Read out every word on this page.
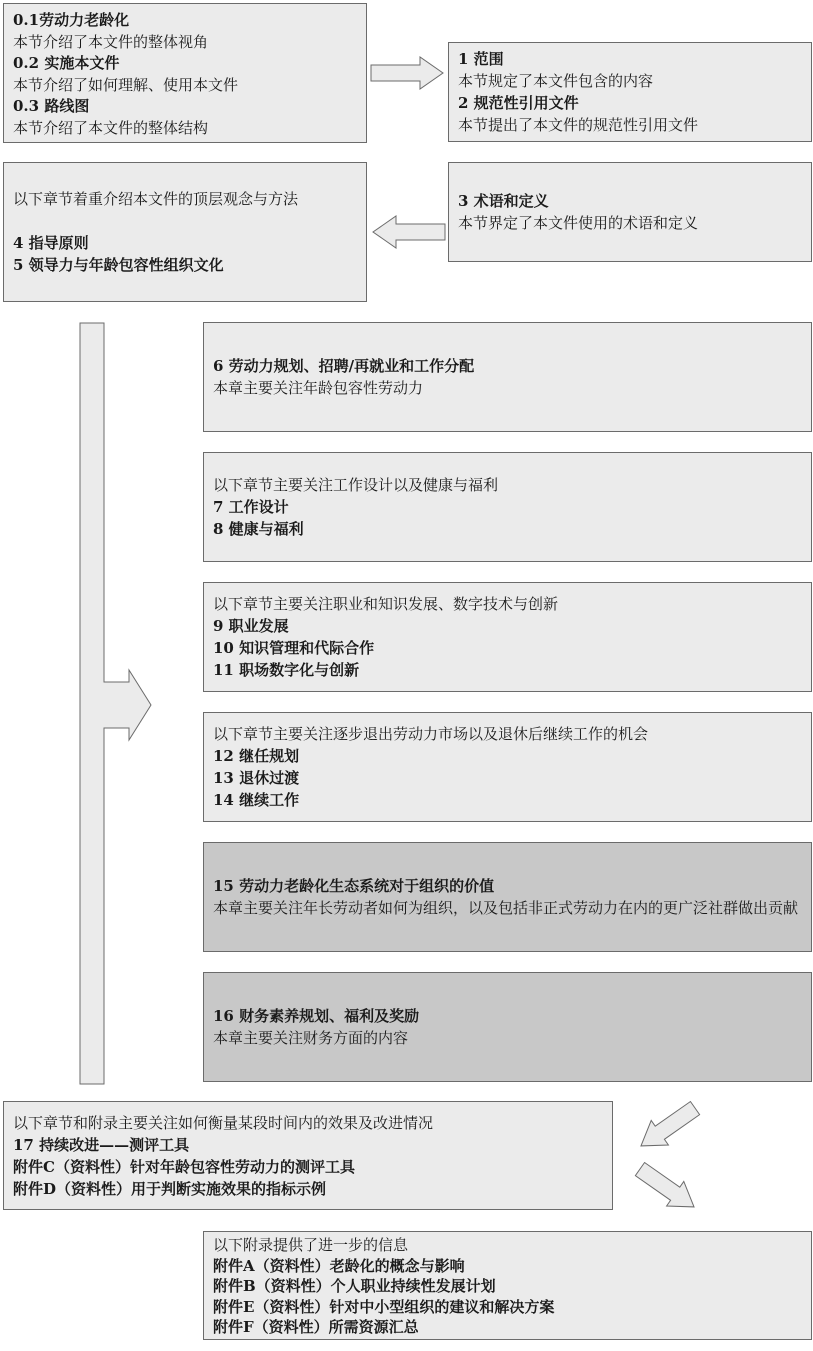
0.1劳动力老龄化
本节介绍了本文件的整体视角
0.2 实施本文件
本节介绍了如何理解、使用本文件
0.3 路线图
本节介绍了本文件的整体结构
1 范围
本节规定了本文件包含的内容
2 规范性引用文件
本节提出了本文件的规范性引用文件
以下章节着重介绍本文件的顶层观念与方法
4 指导原则
5 领导力与年龄包容性组织文化
3 术语和定义
本节界定了本文件使用的术语和定义
6 劳动力规划、招聘/再就业和工作分配
本章主要关注年龄包容性劳动力
以下章节主要关注工作设计以及健康与福利
7 工作设计
8 健康与福利
以下章节主要关注职业和知识发展、数字技术与创新
9 职业发展
10 知识管理和代际合作
11 职场数字化与创新
以下章节主要关注逐步退出劳动力市场以及退休后继续工作的机会
12 继任规划
13 退休过渡
14 继续工作
15 劳动力老龄化生态系统对于组织的价值
本章主要关注年长劳动者如何为组织，以及包括非正式劳动力在内的更广泛社群做出贡献
16 财务素养规划、福利及奖励
本章主要关注财务方面的内容
以下章节和附录主要关注如何衡量某段时间内的效果及改进情况
17 持续改进——测评工具
附件C（资料性）针对年龄包容性劳动力的测评工具
附件D（资料性）用于判断实施效果的指标示例
以下附录提供了进一步的信息
附件A（资料性）老龄化的概念与影响
附件B（资料性）个人职业持续性发展计划
附件E（资料性）针对中小型组织的建议和解决方案
附件F（资料性）所需资源汇总
